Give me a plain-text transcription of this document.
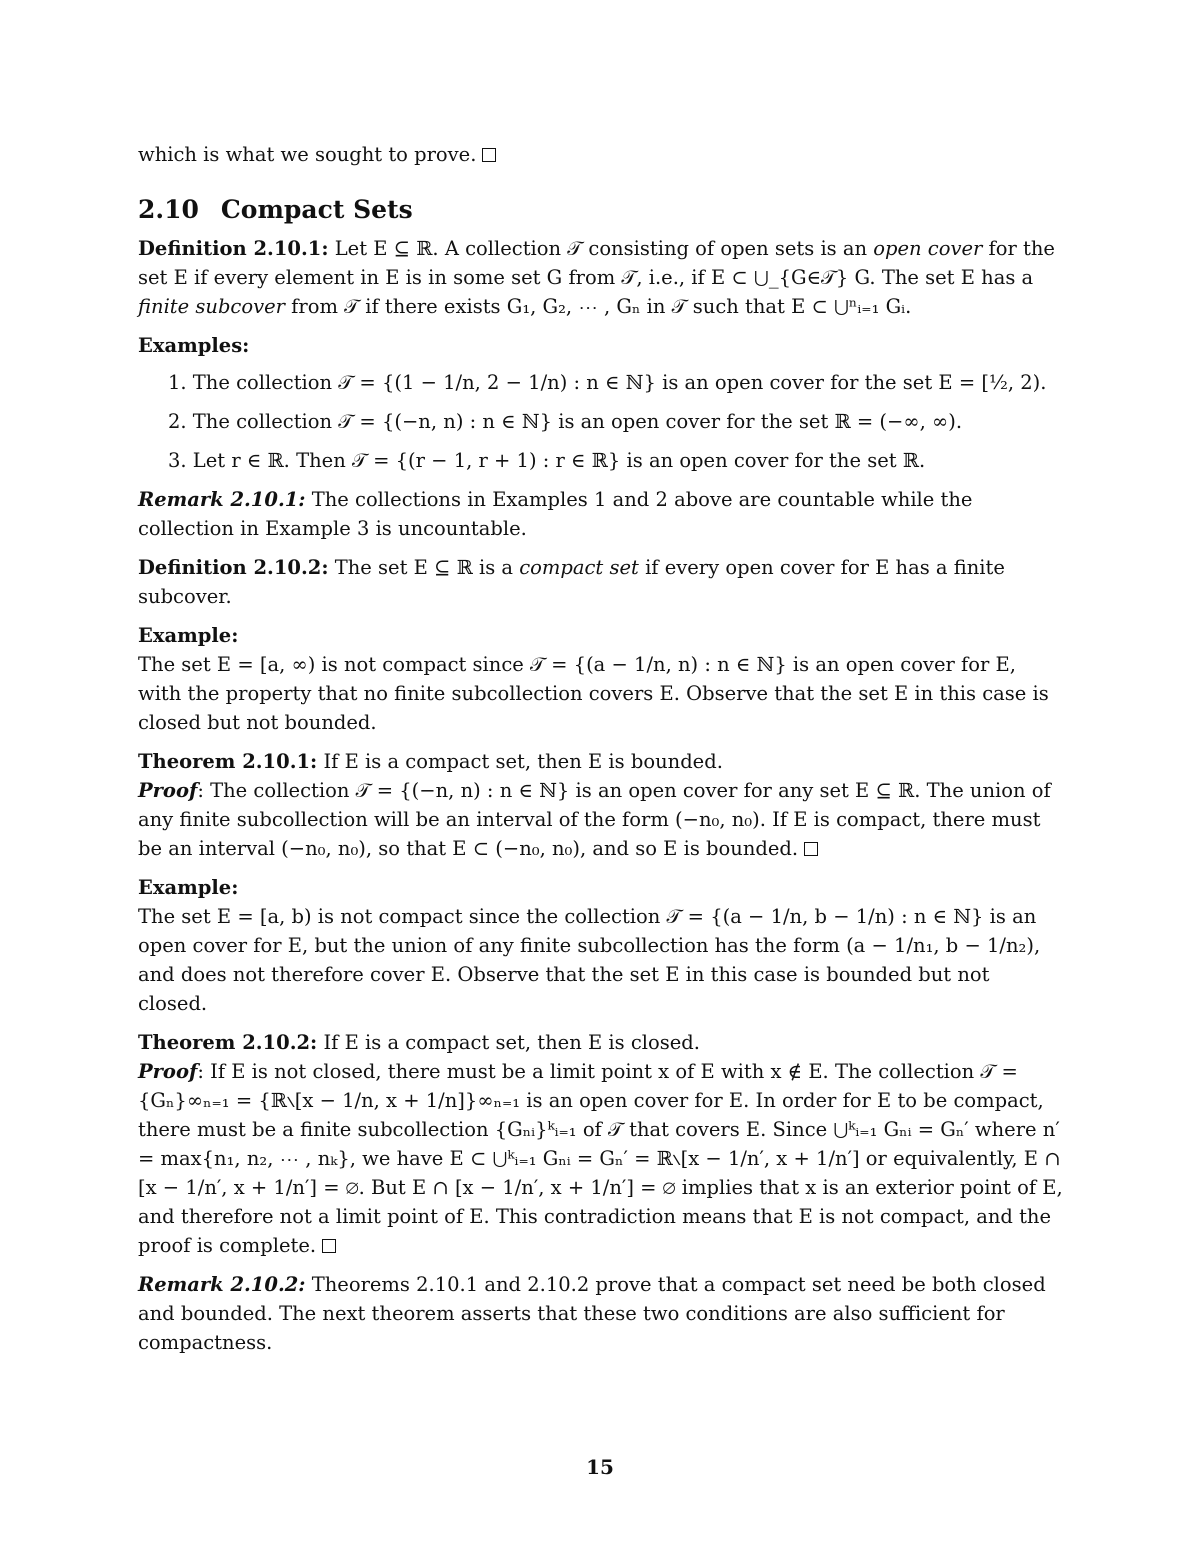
which is what we sought to prove.

2.10 Compact Sets

Definition 2.10.1: Let E ⊆ ℝ. A collection 𝒯 consisting of open sets is an open cover for the set E if every element in E is in some set G from 𝒯, i.e., if E ⊂ ⋃_{G∈𝒯} G. The set E has a finite subcover from 𝒯 if there exists G₁, G₂, ⋯ , Gₙ in 𝒯 such that E ⊂ ⋃ⁿᵢ₌₁ Gᵢ.

Examples:

1. The collection 𝒯 = {(1 − 1/n, 2 − 1/n) : n ∈ ℕ} is an open cover for the set E = [½, 2).
2. The collection 𝒯 = {(−n, n) : n ∈ ℕ} is an open cover for the set ℝ = (−∞, ∞).
3. Let r ∈ ℝ. Then 𝒯 = {(r − 1, r + 1) : r ∈ ℝ} is an open cover for the set ℝ.

Remark 2.10.1: The collections in Examples 1 and 2 above are countable while the collection in Example 3 is uncountable.

Definition 2.10.2: The set E ⊆ ℝ is a compact set if every open cover for E has a finite subcover.

Example:

The set E = [a, ∞) is not compact since 𝒯 = {(a − 1/n, n) : n ∈ ℕ} is an open cover for E, with the property that no finite subcollection covers E. Observe that the set E in this case is closed but not bounded.

Theorem 2.10.1: If E is a compact set, then E is bounded.

Proof: The collection 𝒯 = {(−n, n) : n ∈ ℕ} is an open cover for any set E ⊆ ℝ. The union of any finite subcollection will be an interval of the form (−n₀, n₀). If E is compact, there must be an interval (−n₀, n₀), so that E ⊂ (−n₀, n₀), and so E is bounded.

Example:

The set E = [a, b) is not compact since the collection 𝒯 = {(a − 1/n, b − 1/n) : n ∈ ℕ} is an open cover for E, but the union of any finite subcollection has the form (a − 1/n₁, b − 1/n₂), and does not therefore cover E. Observe that the set E in this case is bounded but not closed.

Theorem 2.10.2: If E is a compact set, then E is closed.

Proof: If E is not closed, there must be a limit point x of E with x ∉ E. The collection 𝒯 = {Gₙ}∞ₙ₌₁ = {ℝ∖[x − 1/n, x + 1/n]}∞ₙ₌₁ is an open cover for E. In order for E to be compact, there must be a finite subcollection {Gₙᵢ}ᵏᵢ₌₁ of 𝒯 that covers E. Since ⋃ᵏᵢ₌₁ Gₙᵢ = Gₙ′ where n′ = max{n₁, n₂, ⋯ , nₖ}, we have E ⊂ ⋃ᵏᵢ₌₁ Gₙᵢ = Gₙ′ = ℝ∖[x − 1/n′, x + 1/n′] or equivalently, E ∩ [x − 1/n′, x + 1/n′] = ∅. But E ∩ [x − 1/n′, x + 1/n′] = ∅ implies that x is an exterior point of E, and therefore not a limit point of E. This contradiction means that E is not compact, and the proof is complete.

Remark 2.10.2: Theorems 2.10.1 and 2.10.2 prove that a compact set need be both closed and bounded. The next theorem asserts that these two conditions are also sufficient for compactness.

15
